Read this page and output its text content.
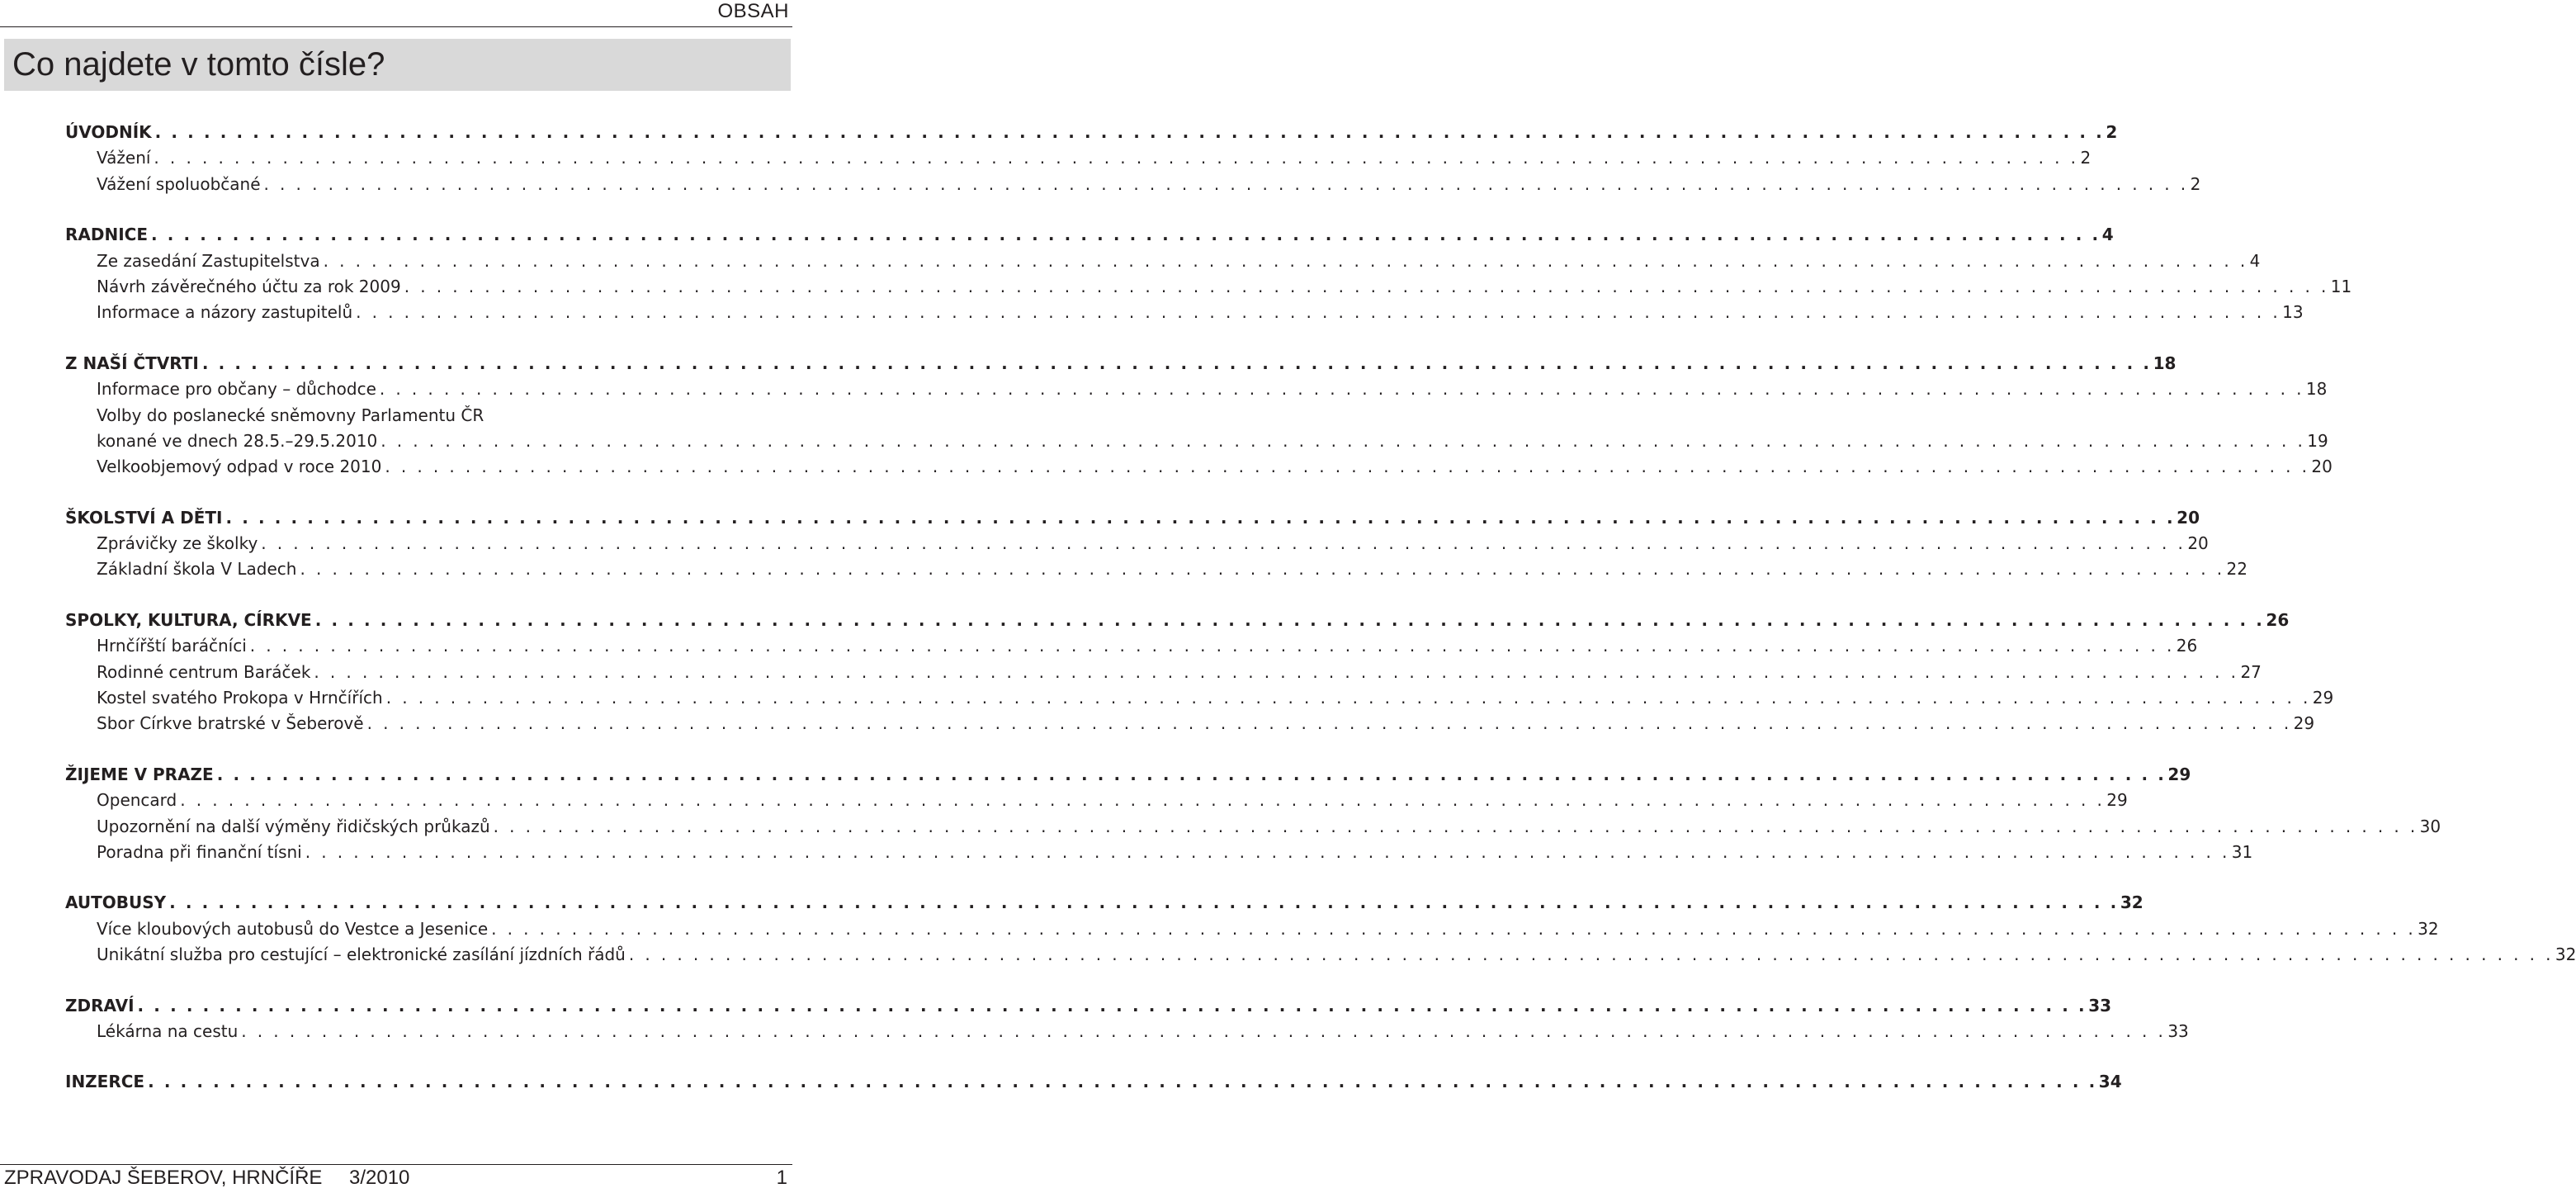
OBSAH
Co najdete v tomto čísle?
ÚVODNÍK . . . . . . . . . . . . . . . . . . . . . . . . . . . . . . . . . . . . . . . . . . . . . . . . . . . . . . . . . . . . . . . . . . . . . . . . . . . . . . . . . . . . . . . . . . . . . . . . . . . . . . . . . . . . . . . . . . . . . . . . 2
Vážení . . . . . . . . . . . . . . . . . . . . . . . . . . . . . . . . . . . . . . . . . . . . . . . . . . . . . . . . . . . . . . . . . . . . . . . . . . . . . . . . . . . . . . . . . . . . . . . . . . . . . . . . . . . . . . . . . . . . . . . . 2
Vážení spoluobčané . . . . . . . . . . . . . . . . . . . . . . . . . . . . . . . . . . . . . . . . . . . . . . . . . . . . . . . . . . . . . . . . . . . . . . . . . . . . . . . . . . . . . . . . . . . . . . . . . . . . . . . . . . . . . . . . . . . . . . . . 2
RADNICE . . . . . . . . . . . . . . . . . . . . . . . . . . . . . . . . . . . . . . . . . . . . . . . . . . . . . . . . . . . . . . . . . . . . . . . . . . . . . . . . . . . . . . . . . . . . . . . . . . . . . . . . . . . . . . . . . . . . . . . . 4
Ze zasedání Zastupitelstva . . . . . . . . . . . . . . . . . . . . . . . . . . . . . . . . . . . . . . . . . . . . . . . . . . . . . . . . . . . . . . . . . . . . . . . . . . . . . . . . . . . . . . . . . . . . . . . . . . . . . . . . . . . . . . . . . . . . . . . . 4
Návrh závěrečného účtu za rok 2009 . . . . . . . . . . . . . . . . . . . . . . . . . . . . . . . . . . . . . . . . . . . . . . . . . . . . . . . . . . . . . . . . . . . . . . . . . . . . . . . . . . . . . . . . . . . . . . . . . . . . . . . . . . . . . . . . . . . . . . . . 11
Informace a názory zastupitelů . . . . . . . . . . . . . . . . . . . . . . . . . . . . . . . . . . . . . . . . . . . . . . . . . . . . . . . . . . . . . . . . . . . . . . . . . . . . . . . . . . . . . . . . . . . . . . . . . . . . . . . . . . . . . . . . . . . . . . . . 13
Z NAŠÍ ČTVRTI . . . . . . . . . . . . . . . . . . . . . . . . . . . . . . . . . . . . . . . . . . . . . . . . . . . . . . . . . . . . . . . . . . . . . . . . . . . . . . . . . . . . . . . . . . . . . . . . . . . . . . . . . . . . . . . . . . . . . . . . 18
Informace pro občany – důchodce . . . . . . . . . . . . . . . . . . . . . . . . . . . . . . . . . . . . . . . . . . . . . . . . . . . . . . . . . . . . . . . . . . . . . . . . . . . . . . . . . . . . . . . . . . . . . . . . . . . . . . . . . . . . . . . . . . . . . . . . 18
Volby do poslanecké sněmovny Parlamentu ČR
konané ve dnech 28.5.–29.5.2010 . . . . . . . . . . . . . . . . . . . . . . . . . . . . . . . . . . . . . . . . . . . . . . . . . . . . . . . . . . . . . . . . . . . . . . . . . . . . . . . . . . . . . . . . . . . . . . . . . . . . . . . . . . . . . . . . . . . . . . . . 19
Velkoobjemový odpad v roce 2010 . . . . . . . . . . . . . . . . . . . . . . . . . . . . . . . . . . . . . . . . . . . . . . . . . . . . . . . . . . . . . . . . . . . . . . . . . . . . . . . . . . . . . . . . . . . . . . . . . . . . . . . . . . . . . . . . . . . . . . . . 20
ŠKOLSTVÍ A DĚTI . . . . . . . . . . . . . . . . . . . . . . . . . . . . . . . . . . . . . . . . . . . . . . . . . . . . . . . . . . . . . . . . . . . . . . . . . . . . . . . . . . . . . . . . . . . . . . . . . . . . . . . . . . . . . . . . . . . . . . . . 20
Zprávičky ze školky . . . . . . . . . . . . . . . . . . . . . . . . . . . . . . . . . . . . . . . . . . . . . . . . . . . . . . . . . . . . . . . . . . . . . . . . . . . . . . . . . . . . . . . . . . . . . . . . . . . . . . . . . . . . . . . . . . . . . . . . 20
Základní škola V Ladech . . . . . . . . . . . . . . . . . . . . . . . . . . . . . . . . . . . . . . . . . . . . . . . . . . . . . . . . . . . . . . . . . . . . . . . . . . . . . . . . . . . . . . . . . . . . . . . . . . . . . . . . . . . . . . . . . . . . . . . . 22
SPOLKY, KULTURA, CÍRKVE . . . . . . . . . . . . . . . . . . . . . . . . . . . . . . . . . . . . . . . . . . . . . . . . . . . . . . . . . . . . . . . . . . . . . . . . . . . . . . . . . . . . . . . . . . . . . . . . . . . . . . . . . . . . . . . . . . . . . . . . 26
Hrnčířští baráčníci . . . . . . . . . . . . . . . . . . . . . . . . . . . . . . . . . . . . . . . . . . . . . . . . . . . . . . . . . . . . . . . . . . . . . . . . . . . . . . . . . . . . . . . . . . . . . . . . . . . . . . . . . . . . . . . . . . . . . . . . 26
Rodinné centrum Baráček . . . . . . . . . . . . . . . . . . . . . . . . . . . . . . . . . . . . . . . . . . . . . . . . . . . . . . . . . . . . . . . . . . . . . . . . . . . . . . . . . . . . . . . . . . . . . . . . . . . . . . . . . . . . . . . . . . . . . . . . 27
Kostel svatého Prokopa v Hrnčířích . . . . . . . . . . . . . . . . . . . . . . . . . . . . . . . . . . . . . . . . . . . . . . . . . . . . . . . . . . . . . . . . . . . . . . . . . . . . . . . . . . . . . . . . . . . . . . . . . . . . . . . . . . . . . . . . . . . . . . . . 29
Sbor Církve bratrské v Šeberově . . . . . . . . . . . . . . . . . . . . . . . . . . . . . . . . . . . . . . . . . . . . . . . . . . . . . . . . . . . . . . . . . . . . . . . . . . . . . . . . . . . . . . . . . . . . . . . . . . . . . . . . . . . . . . . . . . . . . . . . 29
ŽIJEME V PRAZE . . . . . . . . . . . . . . . . . . . . . . . . . . . . . . . . . . . . . . . . . . . . . . . . . . . . . . . . . . . . . . . . . . . . . . . . . . . . . . . . . . . . . . . . . . . . . . . . . . . . . . . . . . . . . . . . . . . . . . . . 29
Opencard . . . . . . . . . . . . . . . . . . . . . . . . . . . . . . . . . . . . . . . . . . . . . . . . . . . . . . . . . . . . . . . . . . . . . . . . . . . . . . . . . . . . . . . . . . . . . . . . . . . . . . . . . . . . . . . . . . . . . . . . 29
Upozornění na další výměny řidičských průkazů . . . . . . . . . . . . . . . . . . . . . . . . . . . . . . . . . . . . . . . . . . . . . . . . . . . . . . . . . . . . . . . . . . . . . . . . . . . . . . . . . . . . . . . . . . . . . . . . . . . . . . . . . . . . . . . . . . . . . . . . 30
Poradna při finanční tísni . . . . . . . . . . . . . . . . . . . . . . . . . . . . . . . . . . . . . . . . . . . . . . . . . . . . . . . . . . . . . . . . . . . . . . . . . . . . . . . . . . . . . . . . . . . . . . . . . . . . . . . . . . . . . . . . . . . . . . . . 31
AUTOBUSY . . . . . . . . . . . . . . . . . . . . . . . . . . . . . . . . . . . . . . . . . . . . . . . . . . . . . . . . . . . . . . . . . . . . . . . . . . . . . . . . . . . . . . . . . . . . . . . . . . . . . . . . . . . . . . . . . . . . . . . . 32
Více kloubových autobusů do Vestce a Jesenice . . . . . . . . . . . . . . . . . . . . . . . . . . . . . . . . . . . . . . . . . . . . . . . . . . . . . . . . . . . . . . . . . . . . . . . . . . . . . . . . . . . . . . . . . . . . . . . . . . . . . . . . . . . . . . . . . . . . . . . . 32
Unikátní služba pro cestující – elektronické zasílání jízdních řádů . . . . . . . . . . . . . . . . . . . . . . . . . . . . . . . . . . . . . . . . . . . . . . . . . . . . . . . . . . . . . . . . . . . . . . . . . . . . . . . . . . . . . . . . . . . . . . . . . . . . . . . . . . . . . . . . . . . . . . . . 32
ZDRAVÍ . . . . . . . . . . . . . . . . . . . . . . . . . . . . . . . . . . . . . . . . . . . . . . . . . . . . . . . . . . . . . . . . . . . . . . . . . . . . . . . . . . . . . . . . . . . . . . . . . . . . . . . . . . . . . . . . . . . . . . . . 33
Lékárna na cestu . . . . . . . . . . . . . . . . . . . . . . . . . . . . . . . . . . . . . . . . . . . . . . . . . . . . . . . . . . . . . . . . . . . . . . . . . . . . . . . . . . . . . . . . . . . . . . . . . . . . . . . . . . . . . . . . . . . . . . . . 33
INZERCE . . . . . . . . . . . . . . . . . . . . . . . . . . . . . . . . . . . . . . . . . . . . . . . . . . . . . . . . . . . . . . . . . . . . . . . . . . . . . . . . . . . . . . . . . . . . . . . . . . . . . . . . . . . . . . . . . . . . . . . . 34
ZPRAVODAJ ŠEBEROV, HRNČÍŘE 3/2010	1
